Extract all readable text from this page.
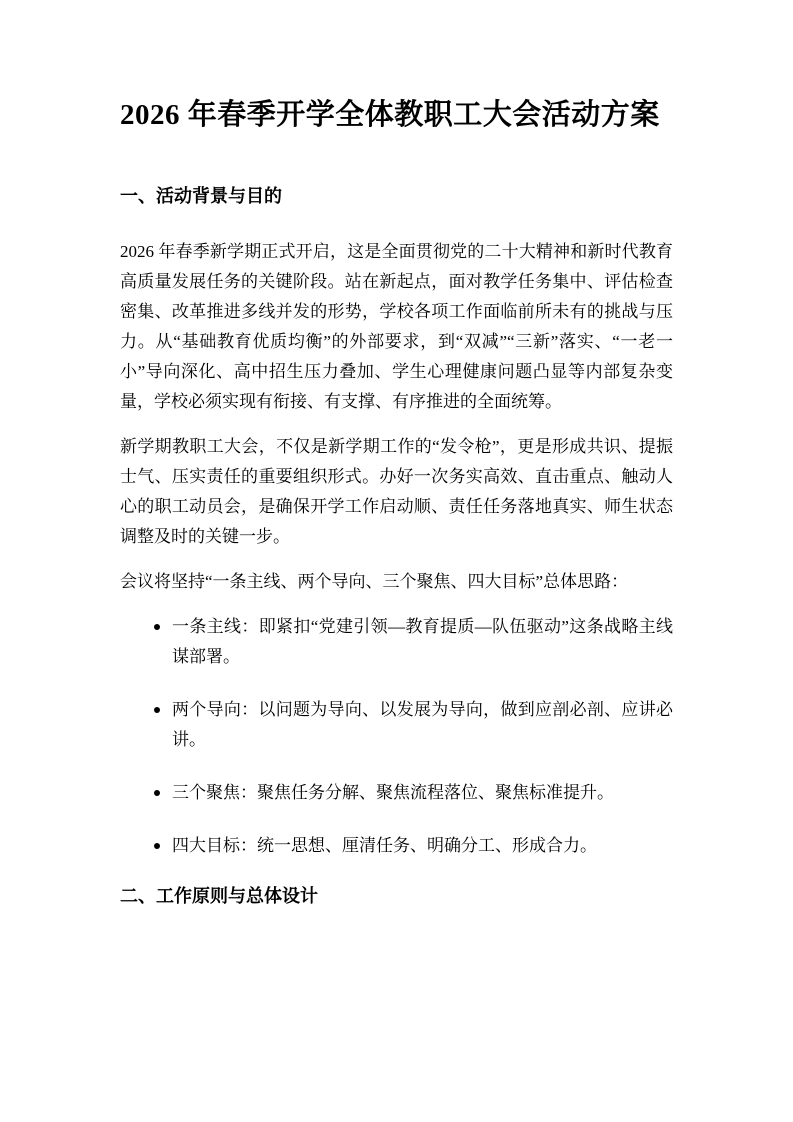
2026 年春季开学全体教职工大会活动方案
一、活动背景与目的

2026 年春季新学期正式开启，这是全面贯彻党的二十大精神和新时代教育高质量发展任务的关键阶段。站在新起点，面对教学任务集中、评估检查密集、改革推进多线并发的形势，学校各项工作面临前所未有的挑战与压力。从“基础教育优质均衡”的外部要求，到“双减”“三新”落实、“一老一小”导向深化、高中招生压力叠加、学生心理健康问题凸显等内部复杂变量，学校必须实现有衔接、有支撑、有序推进的全面统筹。

新学期教职工大会，不仅是新学期工作的“发令枪”，更是形成共识、提振士气、压实责任的重要组织形式。办好一次务实高效、直击重点、触动人心的职工动员会，是确保开学工作启动顺、责任任务落地真实、师生状态调整及时的关键一步。

会议将坚持“一条主线、两个导向、三个聚焦、四大目标”总体思路：

一条主线：即紧扣“党建引领—教育提质—队伍驱动”这条战略主线谋部署。
两个导向：以问题为导向、以发展为导向，做到应剖必剖、应讲必讲。
三个聚焦：聚焦任务分解、聚焦流程落位、聚焦标准提升。
四大目标：统一思想、厘清任务、明确分工、形成合力。
二、工作原则与总体设计
